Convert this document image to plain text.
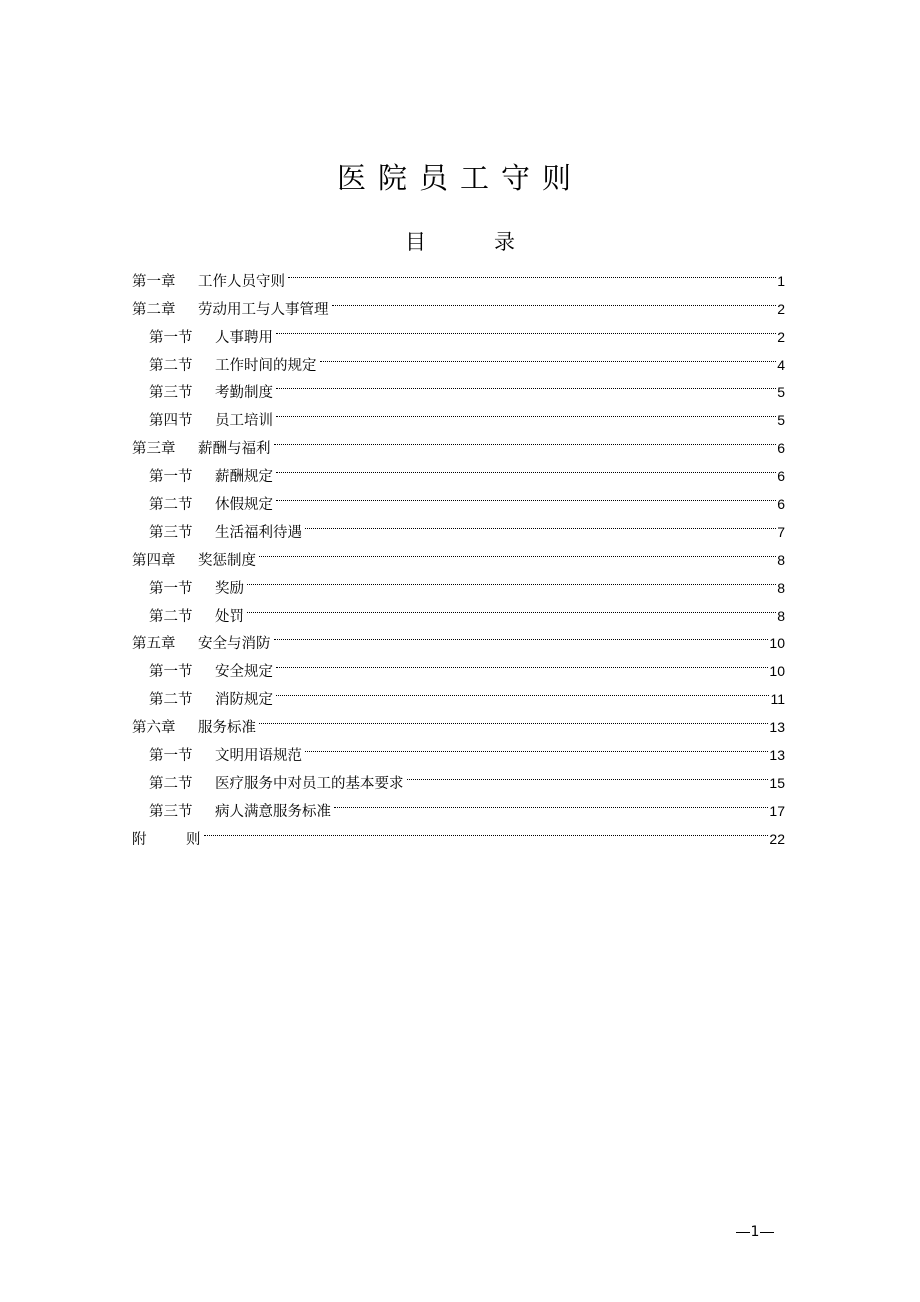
医院员工守则
目	录
第一章	工作人员守则	1
第二章	劳动用工与人事管理	2
第一节	人事聘用	2
第二节	工作时间的规定	4
第三节	考勤制度	5
第四节	员工培训	5
第三章	薪酬与福利	6
第一节	薪酬规定	6
第二节	休假规定	6
第三节	生活福利待遇	7
第四章	奖惩制度	8
第一节	奖励	8
第二节	处罚	8
第五章	安全与消防	10
第一节	安全规定	10
第二节	消防规定	11
第六章	服务标准	13
第一节	文明用语规范	13
第二节	医疗服务中对员工的基本要求	15
第三节	病人满意服务标准	17
附	则	22
1
